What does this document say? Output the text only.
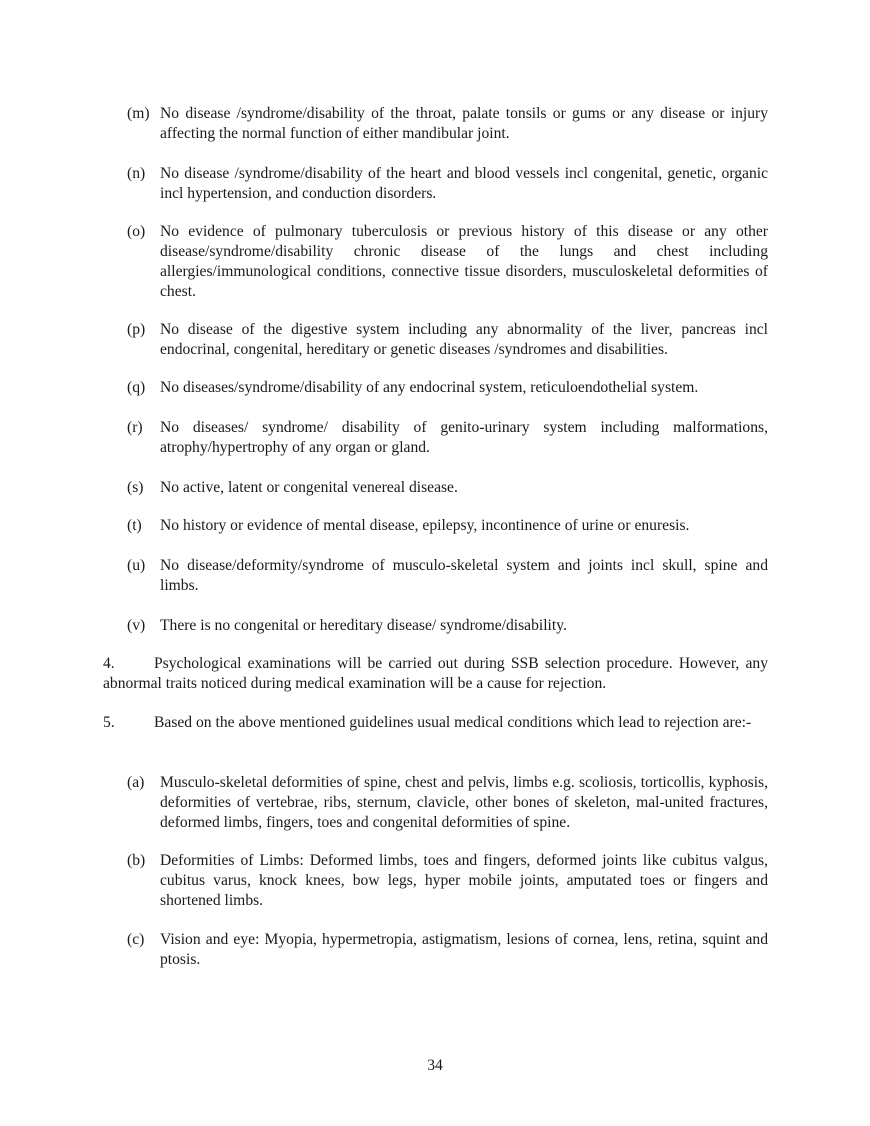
(m) No disease /syndrome/disability of the throat, palate tonsils or gums or any disease or injury affecting the normal function of either mandibular joint.
(n) No disease /syndrome/disability of the heart and blood vessels incl congenital, genetic, organic incl hypertension, and conduction disorders.
(o) No evidence of pulmonary tuberculosis or previous history of this disease or any other disease/syndrome/disability chronic disease of the lungs and chest including allergies/immunological conditions, connective tissue disorders, musculoskeletal deformities of chest.
(p) No disease of the digestive system including any abnormality of the liver, pancreas incl endocrinal, congenital, hereditary or genetic diseases /syndromes and disabilities.
(q) No diseases/syndrome/disability of any endocrinal system, reticuloendothelial system.
(r)	No diseases/ syndrome/ disability of genito-urinary system including malformations, atrophy/hypertrophy of any organ or gland.
(s)	No active, latent or congenital venereal disease.
(t)	No history or evidence of mental disease, epilepsy, incontinence of urine or enuresis.
(u) No disease/deformity/syndrome of musculo-skeletal system and joints incl skull, spine and limbs.
(v) There is no congenital or hereditary disease/ syndrome/disability.
4.	Psychological examinations will be carried out during SSB selection procedure. However, any abnormal traits noticed during medical examination will be a cause for rejection.
5.	Based on the above mentioned guidelines usual medical conditions which lead to rejection are:-
(a)	Musculo-skeletal deformities of spine, chest and pelvis, limbs e.g. scoliosis, torticollis, kyphosis, deformities of vertebrae, ribs, sternum, clavicle, other bones of skeleton, mal-united fractures, deformed limbs, fingers, toes and congenital deformities of spine.
(b) Deformities of Limbs: Deformed limbs, toes and fingers, deformed joints like cubitus valgus, cubitus varus, knock knees, bow legs, hyper mobile joints, amputated toes or fingers and shortened limbs.
(c)	Vision and eye: Myopia, hypermetropia, astigmatism, lesions of cornea, lens, retina, squint and ptosis.
34
